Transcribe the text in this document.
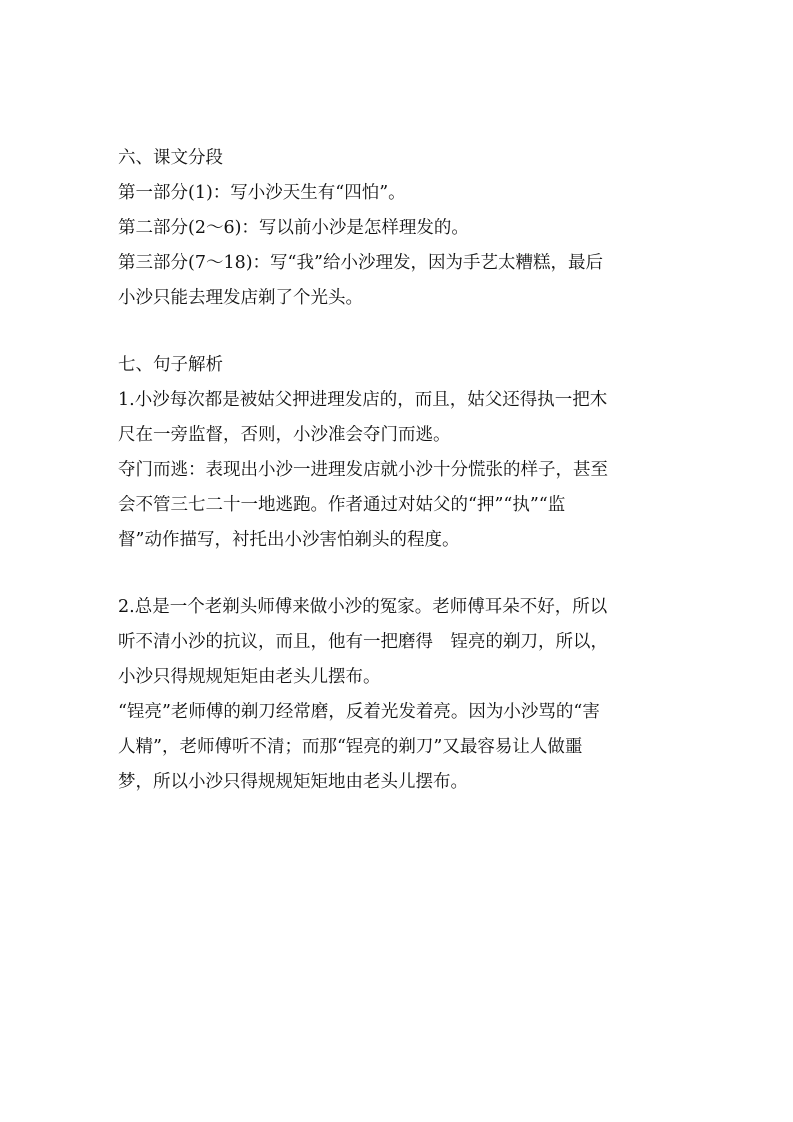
六、课文分段

第一部分(1)：写小沙天生有“四怕”。

第二部分(2～6)：写以前小沙是怎样理发的。

第三部分(7～18)：写“我”给小沙理发，因为手艺太糟糕，最后

小沙只能去理发店剃了个光头。

七、句子解析

1.小沙每次都是被姑父押进理发店的，而且，姑父还得执一把木

尺在一旁监督，否则，小沙准会夺门而逃。

夺门而逃：表现出小沙一进理发店就小沙十分慌张的样子，甚至

会不管三七二十一地逃跑。作者通过对姑父的“押”“执”“监

督”动作描写，衬托出小沙害怕剃头的程度。

2.总是一个老剃头师傅来做小沙的冤家。老师傅耳朵不好，所以

听不清小沙的抗议，而且，他有一把磨得　锃亮的剃刀，所以，

小沙只得规规矩矩由老头儿摆布。

“锃亮”老师傅的剃刀经常磨，反着光发着亮。因为小沙骂的“害

人精”，老师傅听不清；而那“锃亮的剃刀”又最容易让人做噩

梦，所以小沙只得规规矩矩地由老头儿摆布。
